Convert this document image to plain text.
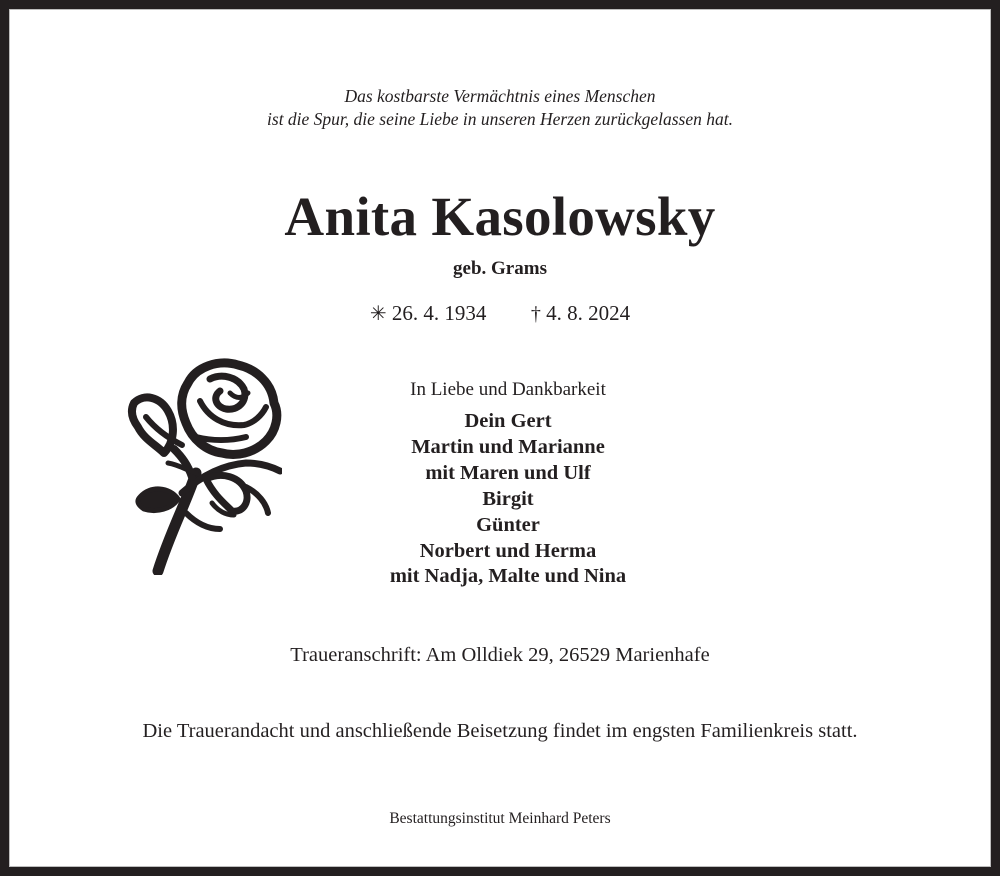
Das kostbarste Vermächtnis eines Menschen
ist die Spur, die seine Liebe in unseren Herzen zurückgelassen hat.
Anita Kasolowsky
geb. Grams
✳ 26. 4. 1934 † 4. 8. 2024
In Liebe und Dankbarkeit
Dein Gert
Martin und Marianne
mit Maren und Ulf
Birgit
Günter
Norbert und Herma
mit Nadja, Malte und Nina
Traueranschrift: Am Olldiek 29, 26529 Marienhafe
Die Trauerandacht und anschließende Beisetzung findet im engsten Familienkreis statt.
Bestattungsinstitut Meinhard Peters
